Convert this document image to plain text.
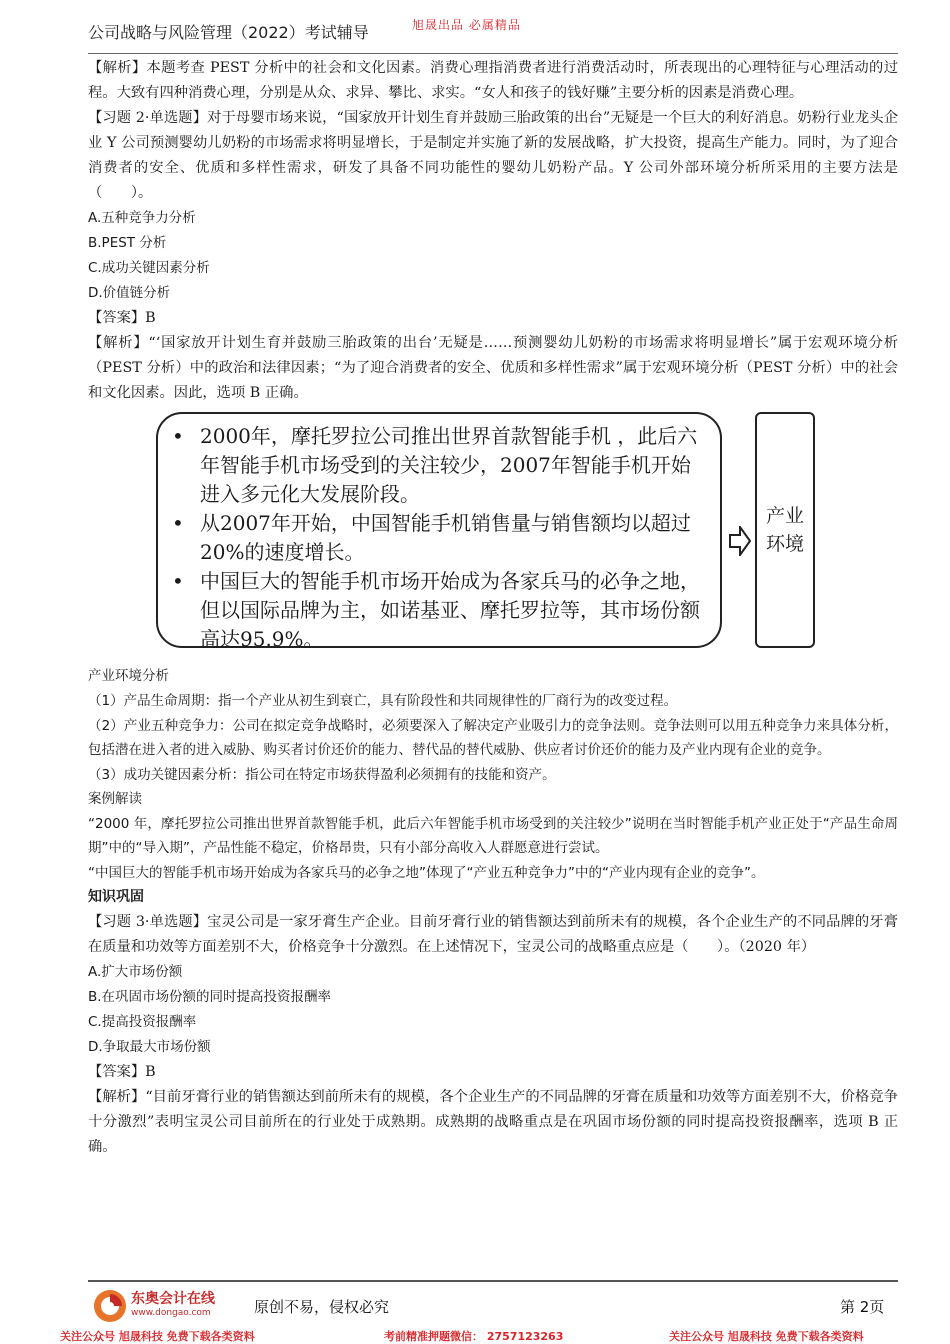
公司战略与风险管理（2022）考试辅导	旭晟出品 必属精品

【解析】本题考查 PEST 分析中的社会和文化因素。消费心理指消费者进行消费活动时，所表现出的心理特征与心理活动的过程。大致有四种消费心理，分别是从众、求异、攀比、求实。“女人和孩子的钱好赚”主要分析的因素是消费心理。

【习题 2·单选题】对于母婴市场来说，“国家放开计划生育并鼓励三胎政策的出台”无疑是一个巨大的利好消息。奶粉行业龙头企业 Y 公司预测婴幼儿奶粉的市场需求将明显增长，于是制定并实施了新的发展战略，扩大投资，提高生产能力。同时，为了迎合消费者的安全、优质和多样性需求，研发了具备不同功能性的婴幼儿奶粉产品。Y 公司外部环境分析所采用的主要方法是（　　）。

A.五种竞争力分析

B.PEST 分析

C.成功关键因素分析

D.价值链分析

【答案】B

【解析】“‘国家放开计划生育并鼓励三胎政策的出台’无疑是……预测婴幼儿奶粉的市场需求将明显增长”属于宏观环境分析（PEST 分析）中的政治和法律因素；“为了迎合消费者的安全、优质和多样性需求”属于宏观环境分析（PEST 分析）中的社会和文化因素。因此，选项 B 正确。

• 2000年，摩托罗拉公司推出世界首款智能手机 ，此后六年智能手机市场受到的关注较少，2007年智能手机开始进入多元化大发展阶段。
• 从2007年开始，中国智能手机销售量与销售额均以超过 20%的速度增长。
• 中国巨大的智能手机市场开始成为各家兵马的必争之地，但以国际品牌为主，如诺基亚、摩托罗拉等，其市场份额高达95.9%。
产业
环境

产业环境分析

（1）产品生命周期：指一个产业从初生到衰亡，具有阶段性和共同规律性的厂商行为的改变过程。

（2）产业五种竞争力：公司在拟定竞争战略时，必须要深入了解决定产业吸引力的竞争法则。竞争法则可以用五种竞争力来具体分析，包括潜在进入者的进入威胁、购买者讨价还价的能力、替代品的替代威胁、供应者讨价还价的能力及产业内现有企业的竞争。

（3）成功关键因素分析：指公司在特定市场获得盈利必须拥有的技能和资产。

案例解读

“2000 年，摩托罗拉公司推出世界首款智能手机，此后六年智能手机市场受到的关注较少”说明在当时智能手机产业正处于“产品生命周期”中的“导入期”，产品性能不稳定，价格昂贵，只有小部分高收入人群愿意进行尝试。

“中国巨大的智能手机市场开始成为各家兵马的必争之地”体现了“产业五种竞争力”中的“产业内现有企业的竞争”。

知识巩固

【习题 3·单选题】宝灵公司是一家牙膏生产企业。目前牙膏行业的销售额达到前所未有的规模，各个企业生产的不同品牌的牙膏在质量和功效等方面差别不大，价格竞争十分激烈。在上述情况下，宝灵公司的战略重点应是（　　）。（2020 年）

A.扩大市场份额

B.在巩固市场份额的同时提高投资报酬率

C.提高投资报酬率

D.争取最大市场份额

【答案】B

【解析】“目前牙膏行业的销售额达到前所未有的规模，各个企业生产的不同品牌的牙膏在质量和功效等方面差别不大，价格竞争十分激烈”表明宝灵公司目前所在的行业处于成熟期。成熟期的战略重点是在巩固市场份额的同时提高投资报酬率，选项 B 正确。

东奥会计在线
www.dongao.com	原创不易，侵权必究	第 2页
关注公众号 旭晟科技 免费下载各类资料	考前精准押题微信： 2757123263	关注公众号 旭晟科技 免费下载各类资料
